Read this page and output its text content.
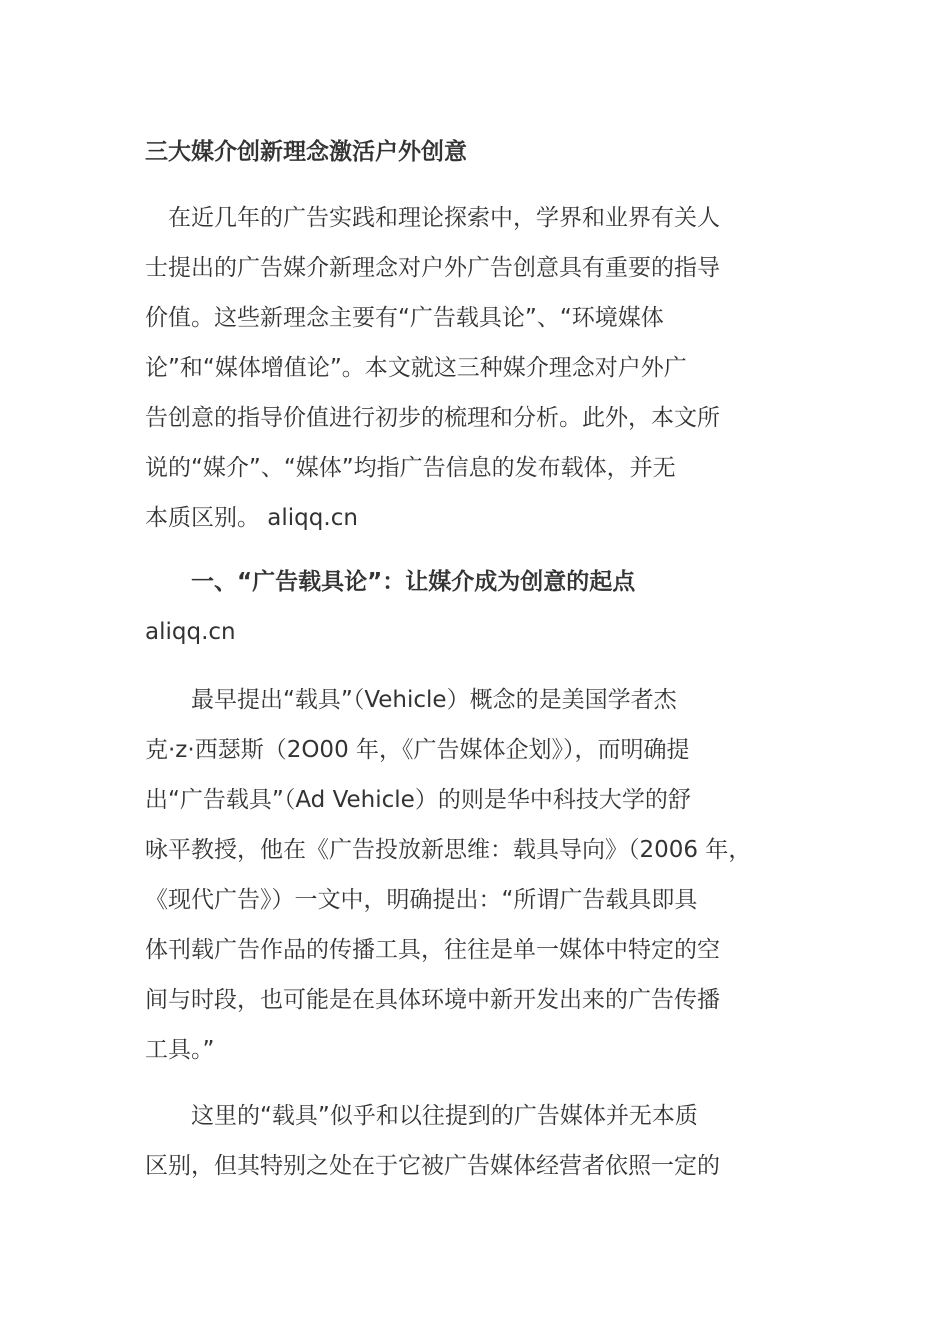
三大媒介创新理念激活户外创意
　在近几年的广告实践和理论探索中，学界和业界有关人
士提出的广告媒介新理念对户外广告创意具有重要的指导
价值。这些新理念主要有“广告载具论”、“环境媒体
论”和“媒体增值论”。本文就这三种媒介理念对户外广
告创意的指导价值进行初步的梳理和分析。此外，本文所
说的“媒介”、“媒体”均指广告信息的发布载体，并无
本质区别。 aliqq.cn
　　一、“广告载具论”：让媒介成为创意的起点
aliqq.cn
　　最早提出“载具”（Vehicle）概念的是美国学者杰
克·z·西瑟斯（2O00 年，《广告媒体企划》），而明确提
出“广告载具”（Ad Vehicle）的则是华中科技大学的舒
咏平教授，他在《广告投放新思维：载具导向》（2006 年，
《现代广告》）一文中，明确提出：“所谓广告载具即具
体刊载广告作品的传播工具，往往是单一媒体中特定的空
间与时段，也可能是在具体环境中新开发出来的广告传播
工具。”
　　这里的“载具”似乎和以往提到的广告媒体并无本质
区别，但其特别之处在于它被广告媒体经营者依照一定的
